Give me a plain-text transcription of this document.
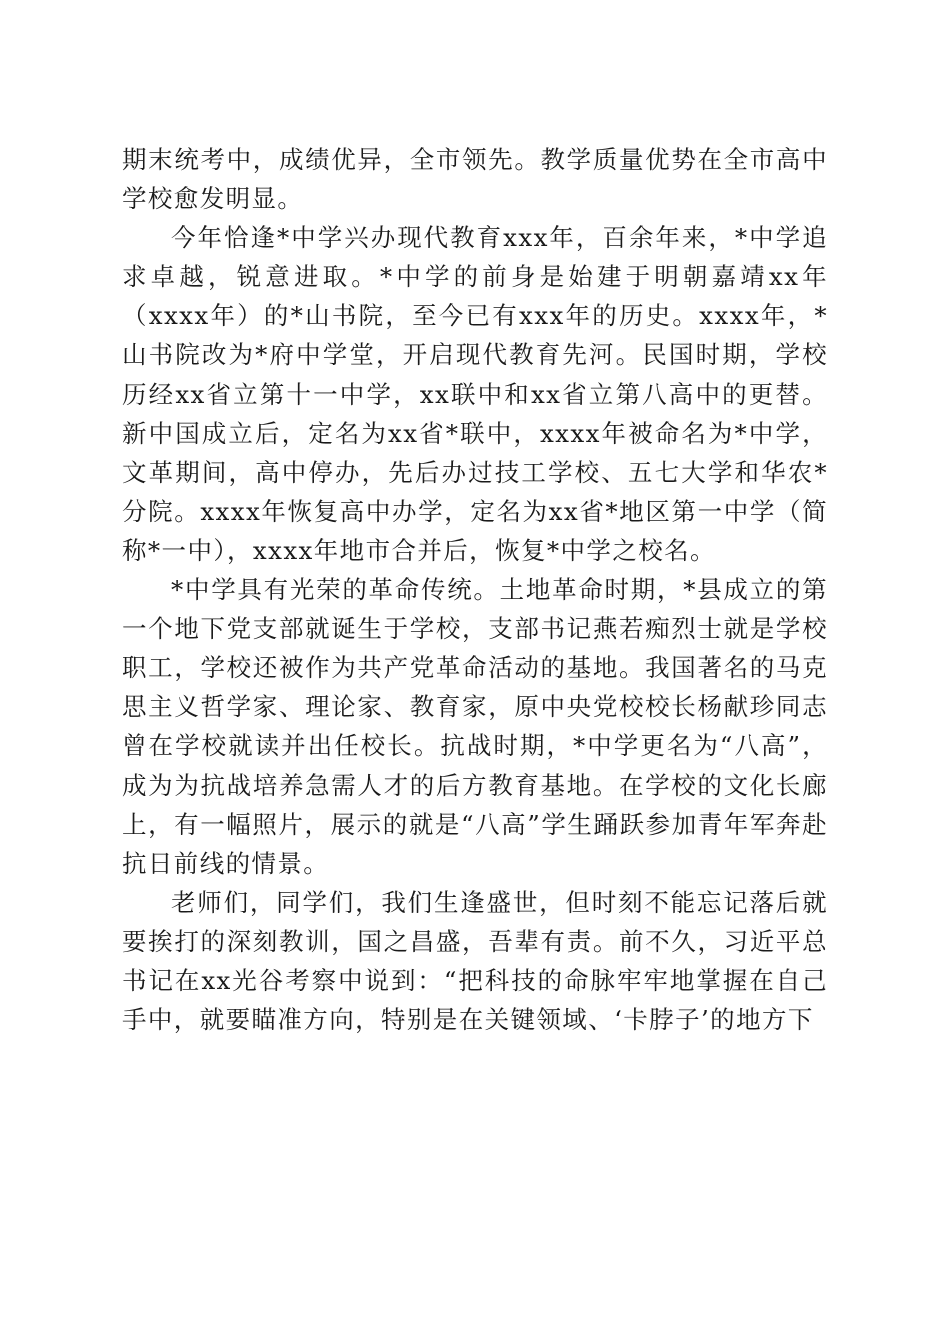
期末统考中，成绩优异，全市领先。教学质量优势在全市高中学校愈发明显。

今年恰逢*中学兴办现代教育xxx年，百余年来，*中学追求卓越，锐意进取。*中学的前身是始建于明朝嘉靖xx年（xxxx年）的*山书院，至今已有xxx年的历史。xxxx年，*山书院改为*府中学堂，开启现代教育先河。民国时期，学校历经xx省立第十一中学，xx联中和xx省立第八高中的更替。新中国成立后，定名为xx省*联中，xxxx年被命名为*中学，文革期间，高中停办，先后办过技工学校、五七大学和华农*分院。xxxx年恢复高中办学，定名为xx省*地区第一中学（简称*一中），xxxx年地市合并后，恢复*中学之校名。

*中学具有光荣的革命传统。土地革命时期，*县成立的第一个地下党支部就诞生于学校，支部书记燕若痴烈士就是学校职工，学校还被作为共产党革命活动的基地。我国著名的马克思主义哲学家、理论家、教育家，原中央党校校长杨献珍同志曾在学校就读并出任校长。抗战时期，*中学更名为“八高”，成为为抗战培养急需人才的后方教育基地。在学校的文化长廊上，有一幅照片，展示的就是“八高”学生踊跃参加青年军奔赴抗日前线的情景。

老师们，同学们，我们生逢盛世，但时刻不能忘记落后就要挨打的深刻教训，国之昌盛，吾辈有责。前不久，习近平总书记在xx光谷考察中说到：“把科技的命脉牢牢地掌握在自己手中，就要瞄准方向，特别是在关键领域、‘卡脖子’的地方下
